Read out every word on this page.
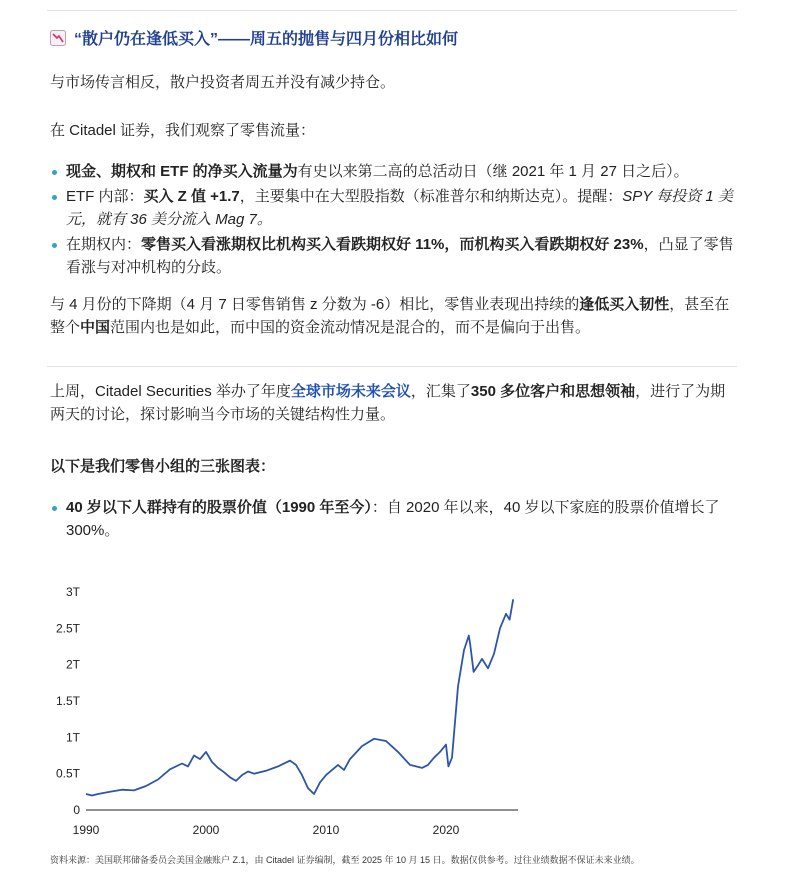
“散户仍在逢低买入”——周五的抛售与四月份相比如何
与市场传言相反，散户投资者周五并没有减少持仓。
在 Citadel 证券，我们观察了零售流量：
现金、期权和 ETF 的净买入流量为有史以来第二高的总活动日（继 2021 年 1 月 27 日之后）。
ETF 内部：买入 Z 值 +1.7，主要集中在大型股指数（标准普尔和纳斯达克）。提醒：SPY 每投资 1 美元，就有 36 美分流入 Mag 7。
在期权内：零售买入看涨期权比机构买入看跌期权好 11%，而机构买入看跌期权好 23%，凸显了零售看涨与对冲机构的分歧。
与 4 月份的下降期（4 月 7 日零售销售 z 分数为 -6）相比，零售业表现出持续的逢低买入韧性，甚至在整个中国范围内也是如此，而中国的资金流动情况是混合的，而不是偏向于出售。
上周，Citadel Securities 举办了年度全球市场未来会议，汇集了350 多位客户和思想领袖，进行了为期两天的讨论，探讨影响当今市场的关键结构性力量。
以下是我们零售小组的三张图表：
40 岁以下人群持有的股票价值（1990 年至今）：自 2020 年以来，40 岁以下家庭的股票价值增长了 300%。
0
0.5T
1T
1.5T
2T
2.5T
3T
1990	2000	2010	2020
资料来源：美国联邦储备委员会美国金融账户 Z.1，由 Citadel 证券编制，截至 2025 年 10 月 15 日。数据仅供参考。过往业绩数据不保证未来业绩。
